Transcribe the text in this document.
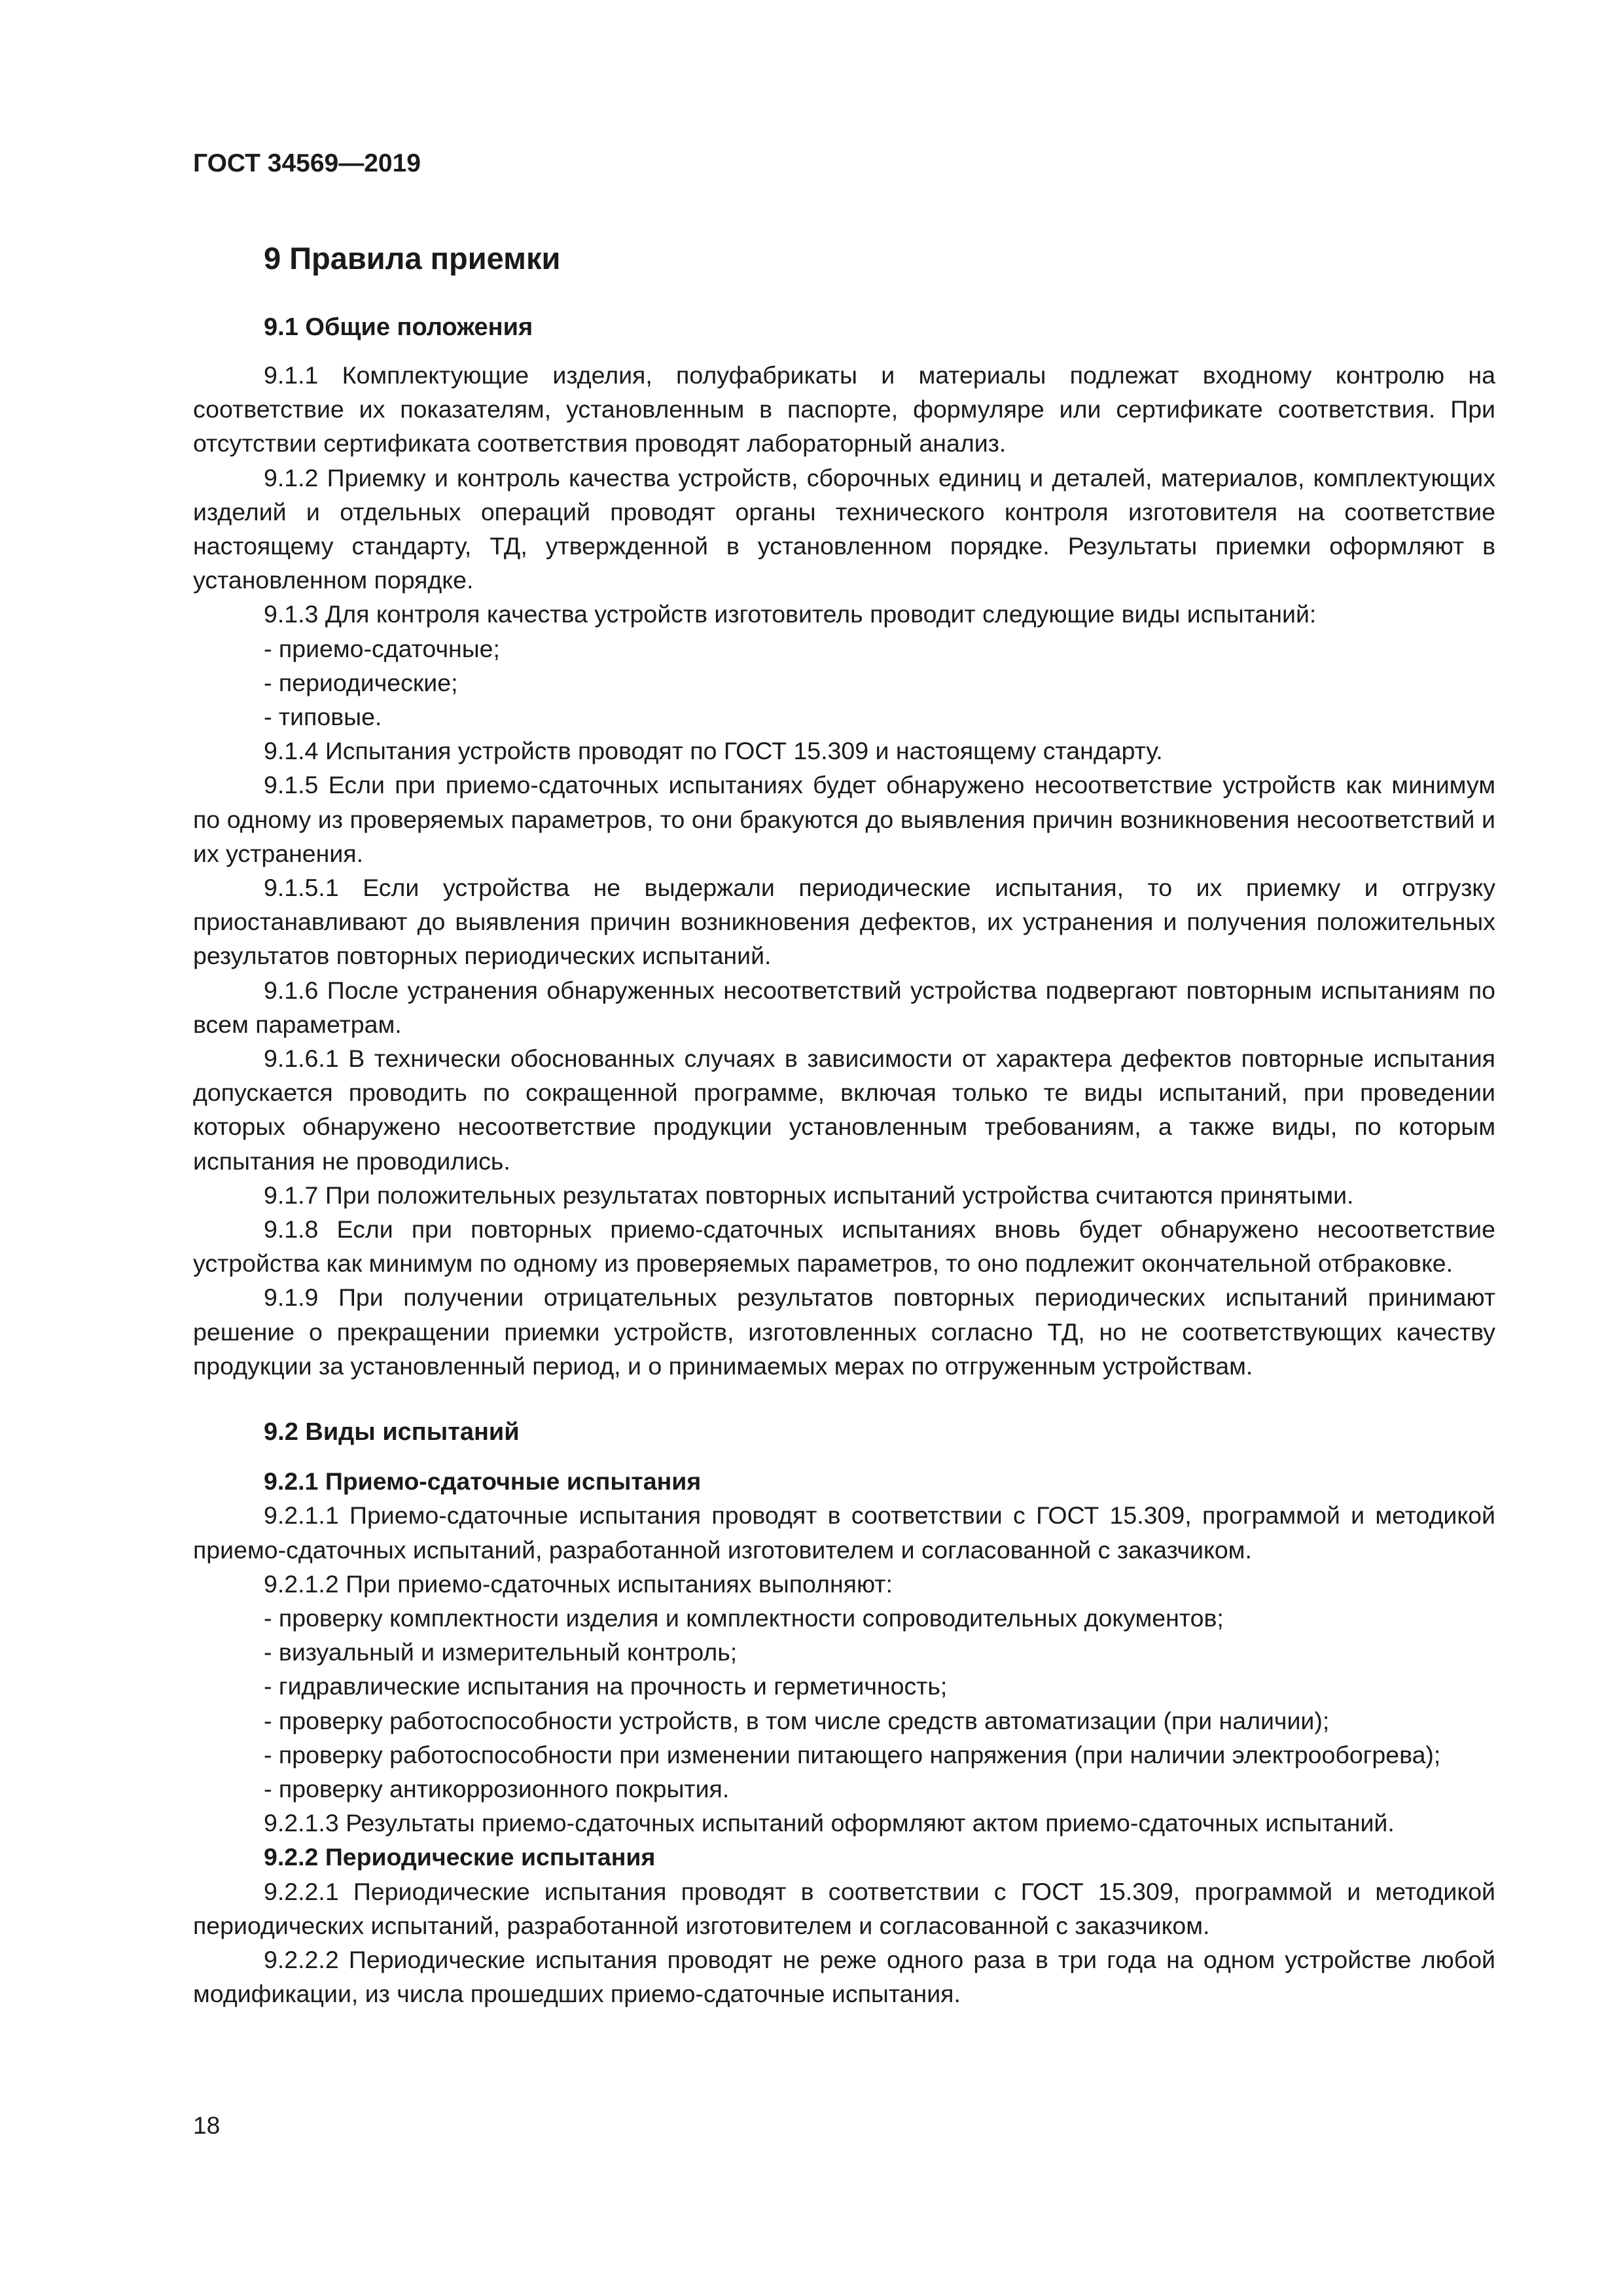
ГОСТ 34569—2019

9 Правила приемки
9.1 Общие положения

9.1.1 Комплектующие изделия, полуфабрикаты и материалы подлежат входному контролю на соответствие их показателям, установленным в паспорте, формуляре или сертификате соответствия. При отсутствии сертификата соответствия проводят лабораторный анализ.

9.1.2 Приемку и контроль качества устройств, сборочных единиц и деталей, материалов, комплектующих изделий и отдельных операций проводят органы технического контроля изготовителя на соответствие настоящему стандарту, ТД, утвержденной в установленном порядке. Результаты приемки оформляют в установленном порядке.

9.1.3 Для контроля качества устройств изготовитель проводит следующие виды испытаний:

- приемо-сдаточные;

- периодические;

- типовые.

9.1.4 Испытания устройств проводят по ГОСТ 15.309 и настоящему стандарту.

9.1.5 Если при приемо-сдаточных испытаниях будет обнаружено несоответствие устройств как минимум по одному из проверяемых параметров, то они бракуются до выявления причин возникновения несоответствий и их устранения.

9.1.5.1 Если устройства не выдержали периодические испытания, то их приемку и отгрузку приостанавливают до выявления причин возникновения дефектов, их устранения и получения положительных результатов повторных периодических испытаний.

9.1.6 После устранения обнаруженных несоответствий устройства подвергают повторным испытаниям по всем параметрам.

9.1.6.1 В технически обоснованных случаях в зависимости от характера дефектов повторные испытания допускается проводить по сокращенной программе, включая только те виды испытаний, при проведении которых обнаружено несоответствие продукции установленным требованиям, а также виды, по которым испытания не проводились.

9.1.7 При положительных результатах повторных испытаний устройства считаются принятыми.

9.1.8 Если при повторных приемо-сдаточных испытаниях вновь будет обнаружено несоответствие устройства как минимум по одному из проверяемых параметров, то оно подлежит окончательной отбраковке.

9.1.9 При получении отрицательных результатов повторных периодических испытаний принимают решение о прекращении приемки устройств, изготовленных согласно ТД, но не соответствующих качеству продукции за установленный период, и о принимаемых мерах по отгруженным устройствам.

9.2 Виды испытаний

9.2.1 Приемо-сдаточные испытания

9.2.1.1 Приемо-сдаточные испытания проводят в соответствии с ГОСТ 15.309, программой и методикой приемо-сдаточных испытаний, разработанной изготовителем и согласованной с заказчиком.

9.2.1.2 При приемо-сдаточных испытаниях выполняют:

- проверку комплектности изделия и комплектности сопроводительных документов;

- визуальный и измерительный контроль;

- гидравлические испытания на прочность и герметичность;

- проверку работоспособности устройств, в том числе средств автоматизации (при наличии);

- проверку работоспособности при изменении питающего напряжения (при наличии электрообогрева);

- проверку антикоррозионного покрытия.

9.2.1.3 Результаты приемо-сдаточных испытаний оформляют актом приемо-сдаточных испытаний.

9.2.2 Периодические испытания

9.2.2.1 Периодические испытания проводят в соответствии с ГОСТ 15.309, программой и методикой периодических испытаний, разработанной изготовителем и согласованной с заказчиком.

9.2.2.2 Периодические испытания проводят не реже одного раза в три года на одном устройстве любой модификации, из числа прошедших приемо-сдаточные испытания.

18
